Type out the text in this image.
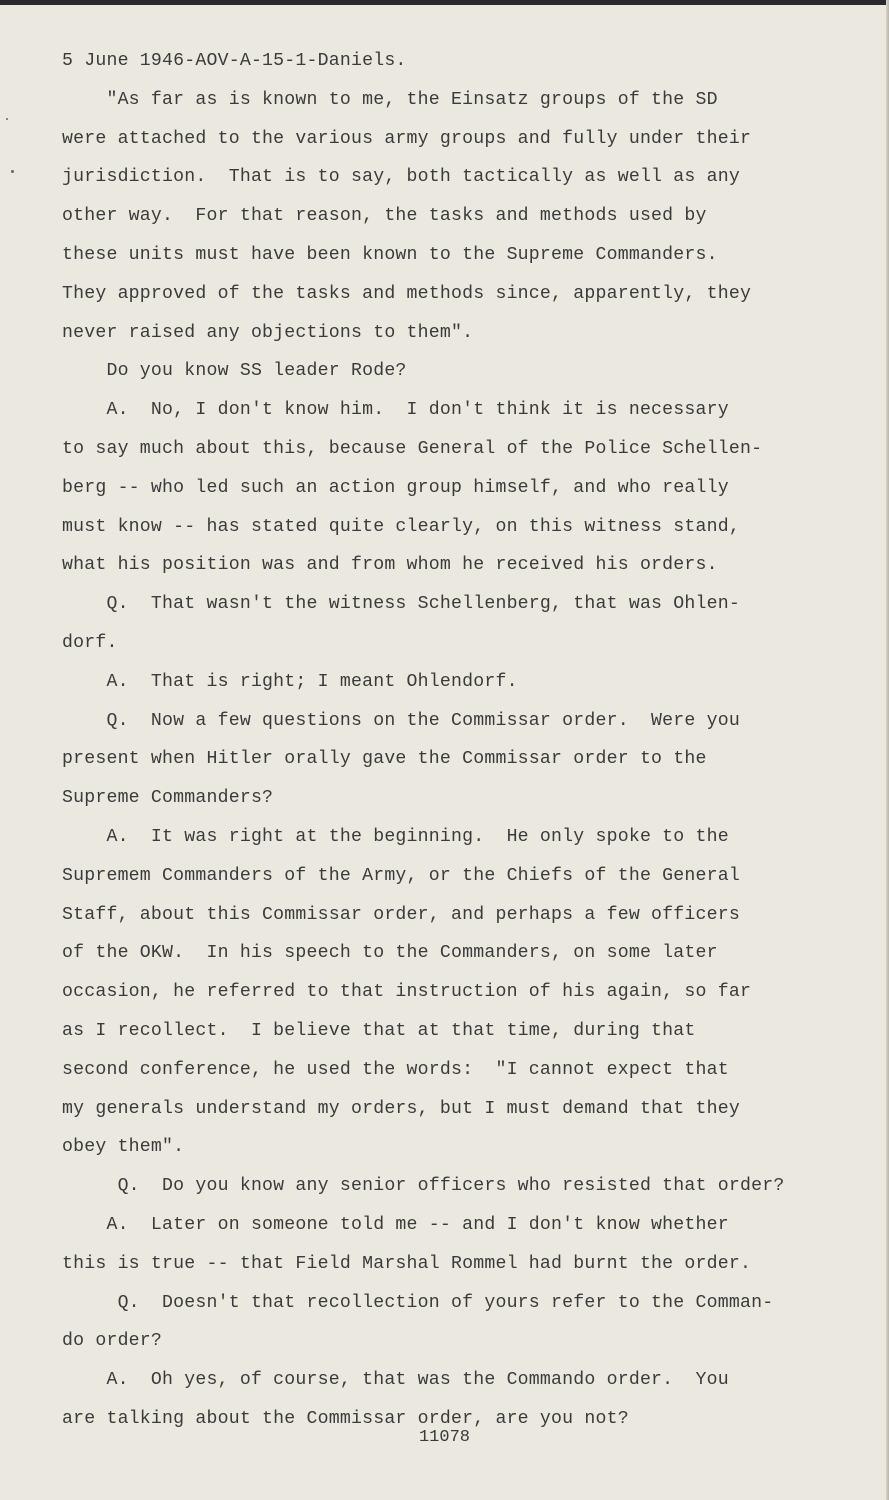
5 June 1946-AOV-A-15-1-Daniels.
"As far as is known to me, the Einsatz groups of the SD
were attached to the various army groups and fully under their
jurisdiction.  That is to say, both tactically as well as any
other way.  For that reason, the tasks and methods used by
these units must have been known to the Supreme Commanders.
They approved of the tasks and methods since, apparently, they
never raised any objections to them".
Do you know SS leader Rode?
A.  No, I don't know him.  I don't think it is necessary
to say much about this, because General of the Police Schellen-
berg -- who led such an action group himself, and who really
must know -- has stated quite clearly, on this witness stand,
what his position was and from whom he received his orders.
Q.  That wasn't the witness Schellenberg, that was Ohlen-
dorf.
A.  That is right; I meant Ohlendorf.
Q.  Now a few questions on the Commissar order.  Were you
present when Hitler orally gave the Commissar order to the
Supreme Commanders?
A.  It was right at the beginning.  He only spoke to the
Supremem Commanders of the Army, or the Chiefs of the General
Staff, about this Commissar order, and perhaps a few officers
of the OKW.  In his speech to the Commanders, on some later
occasion, he referred to that instruction of his again, so far
as I recollect.  I believe that at that time, during that
second conference, he used the words:  "I cannot expect that
my generals understand my orders, but I must demand that they
obey them".
Q.  Do you know any senior officers who resisted that order?
A.  Later on someone told me -- and I don't know whether
this is true -- that Field Marshal Rommel had burnt the order.
Q.  Doesn't that recollection of yours refer to the Comman-
do order?
A.  Oh yes, of course, that was the Commando order.  You
are talking about the Commissar order, are you not?
11078
